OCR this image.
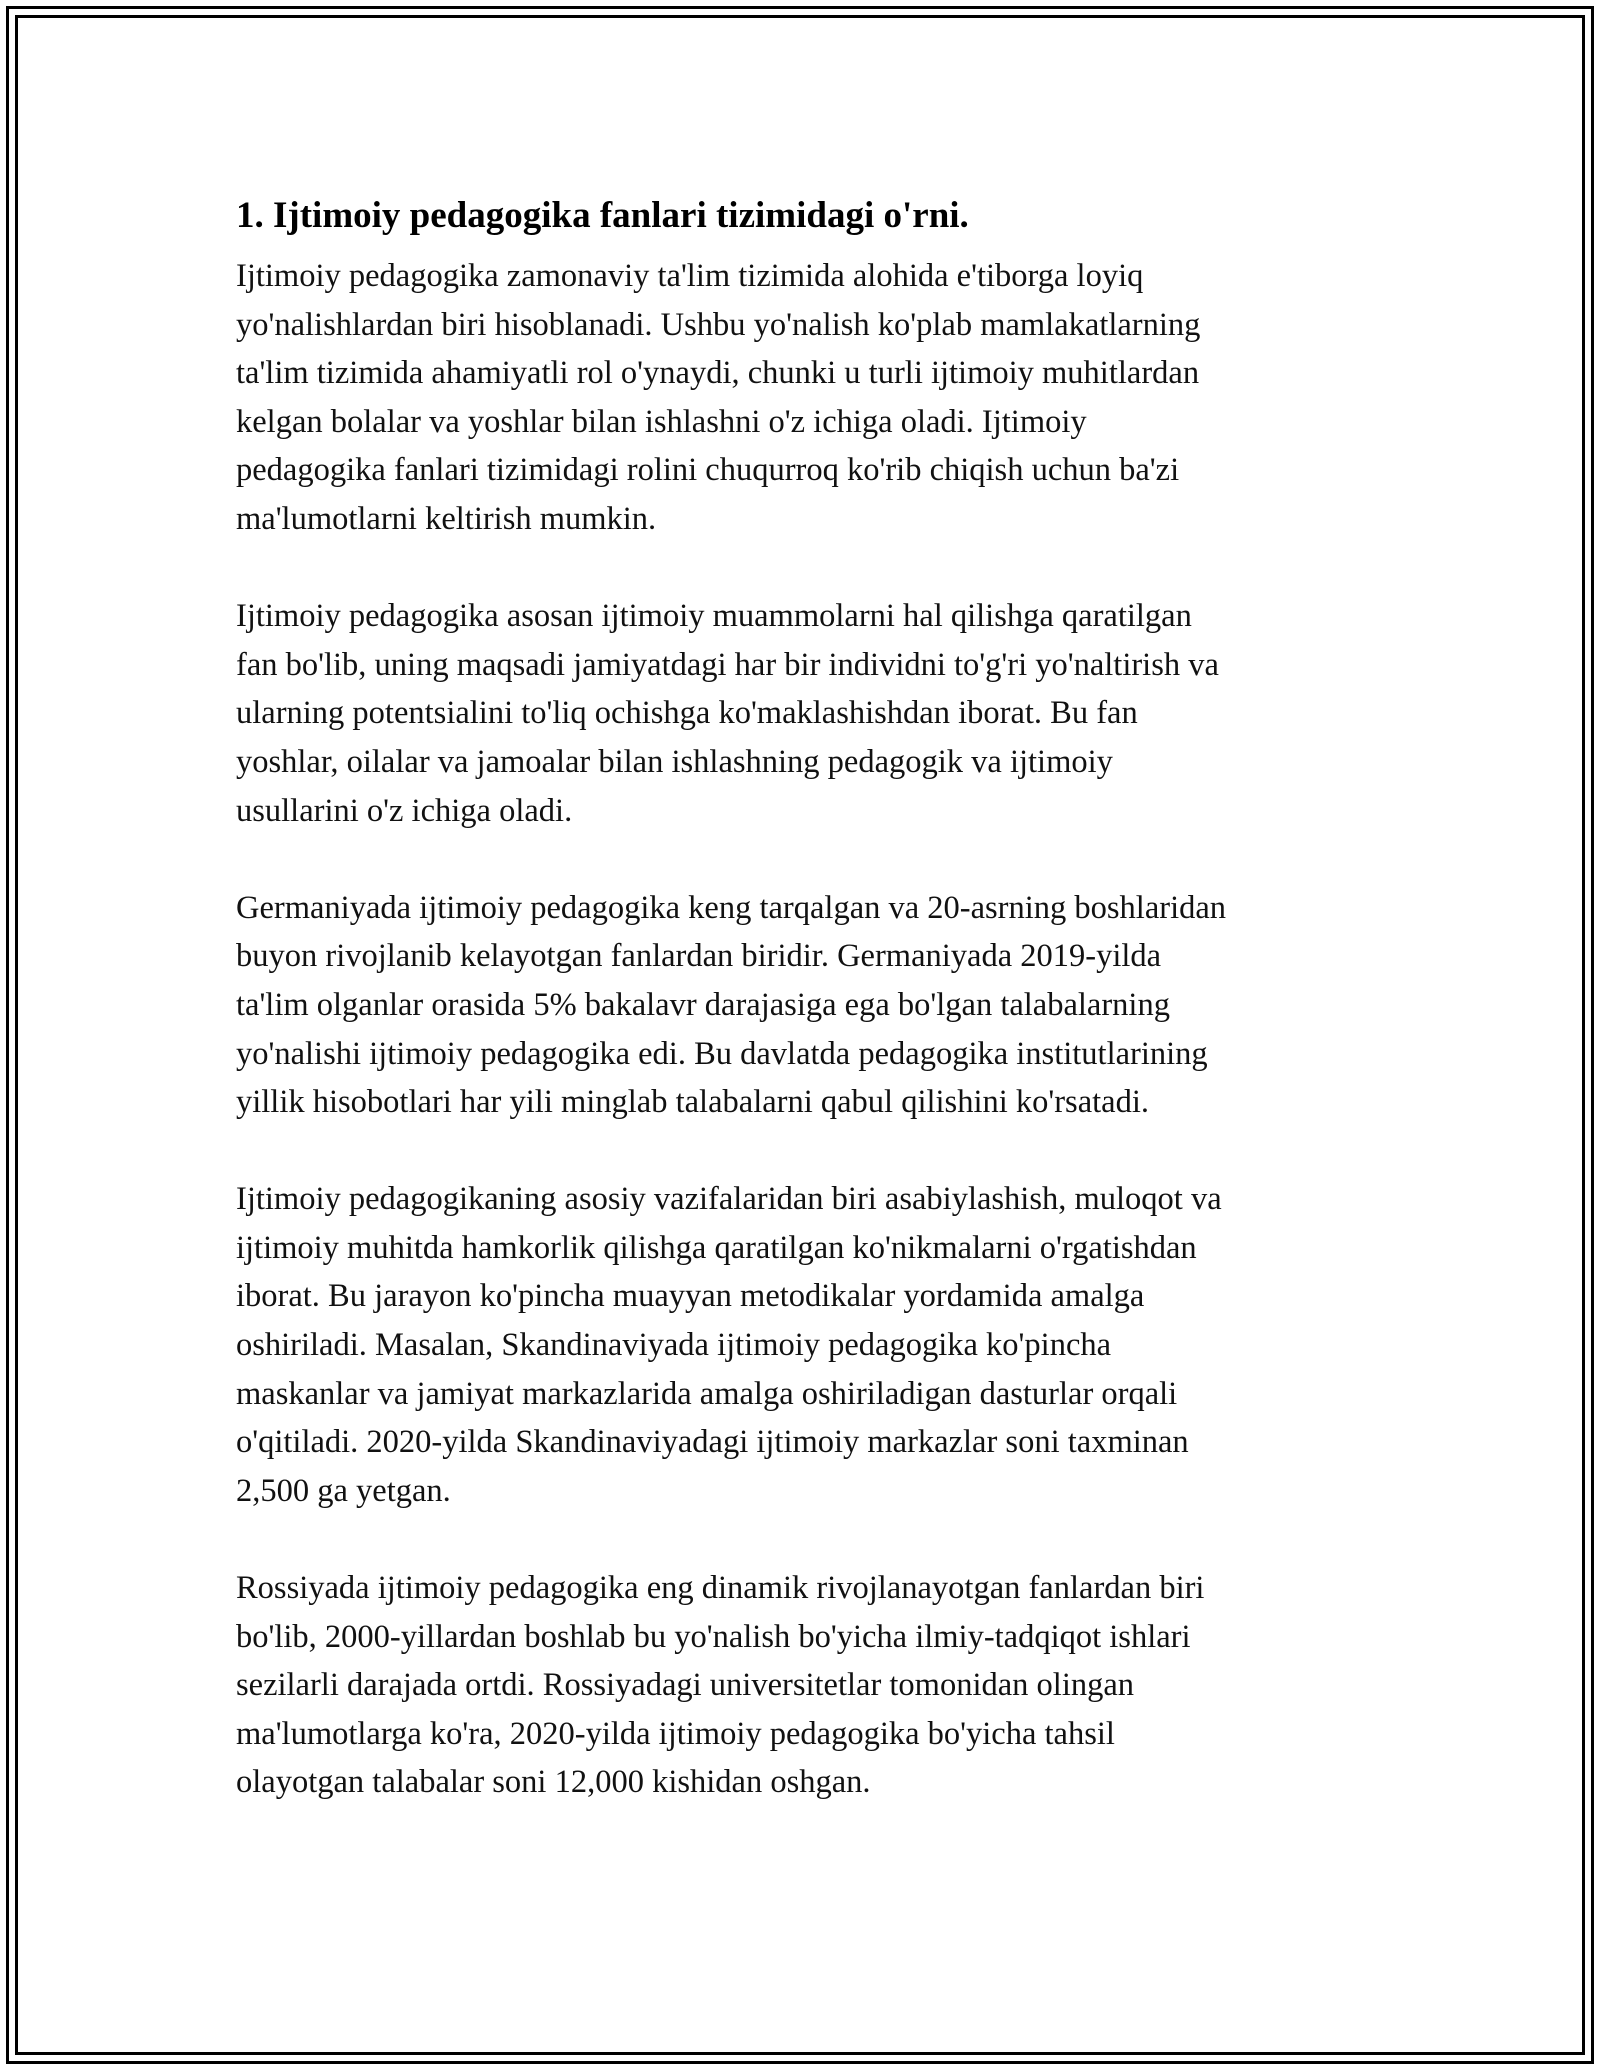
1. Ijtimoiy pedagogika fanlari tizimidagi o'rni.

Ijtimoiy pedagogika zamonaviy ta'lim tizimida alohida e'tiborga loyiq
yo'nalishlardan biri hisoblanadi. Ushbu yo'nalish ko'plab mamlakatlarning
ta'lim tizimida ahamiyatli rol o'ynaydi, chunki u turli ijtimoiy muhitlardan
kelgan bolalar va yoshlar bilan ishlashni o'z ichiga oladi. Ijtimoiy
pedagogika fanlari tizimidagi rolini chuqurroq ko'rib chiqish uchun ba'zi
ma'lumotlarni keltirish mumkin.

Ijtimoiy pedagogika asosan ijtimoiy muammolarni hal qilishga qaratilgan
fan bo'lib, uning maqsadi jamiyatdagi har bir individni to'g'ri yo'naltirish va
ularning potentsialini to'liq ochishga ko'maklashishdan iborat. Bu fan
yoshlar, oilalar va jamoalar bilan ishlashning pedagogik va ijtimoiy
usullarini o'z ichiga oladi.

Germaniyada ijtimoiy pedagogika keng tarqalgan va 20-asrning boshlaridan
buyon rivojlanib kelayotgan fanlardan biridir. Germaniyada 2019-yilda
ta'lim olganlar orasida 5% bakalavr darajasiga ega bo'lgan talabalarning
yo'nalishi ijtimoiy pedagogika edi. Bu davlatda pedagogika institutlarining
yillik hisobotlari har yili minglab talabalarni qabul qilishini ko'rsatadi.

Ijtimoiy pedagogikaning asosiy vazifalaridan biri asabiylashish, muloqot va
ijtimoiy muhitda hamkorlik qilishga qaratilgan ko'nikmalarni o'rgatishdan
iborat. Bu jarayon ko'pincha muayyan metodikalar yordamida amalga
oshiriladi. Masalan, Skandinaviyada ijtimoiy pedagogika ko'pincha
maskanlar va jamiyat markazlarida amalga oshiriladigan dasturlar orqali
o'qitiladi. 2020-yilda Skandinaviyadagi ijtimoiy markazlar soni taxminan
2,500 ga yetgan.

Rossiyada ijtimoiy pedagogika eng dinamik rivojlanayotgan fanlardan biri
bo'lib, 2000-yillardan boshlab bu yo'nalish bo'yicha ilmiy-tadqiqot ishlari
sezilarli darajada ortdi. Rossiyadagi universitetlar tomonidan olingan
ma'lumotlarga ko'ra, 2020-yilda ijtimoiy pedagogika bo'yicha tahsil
olayotgan talabalar soni 12,000 kishidan oshgan.
